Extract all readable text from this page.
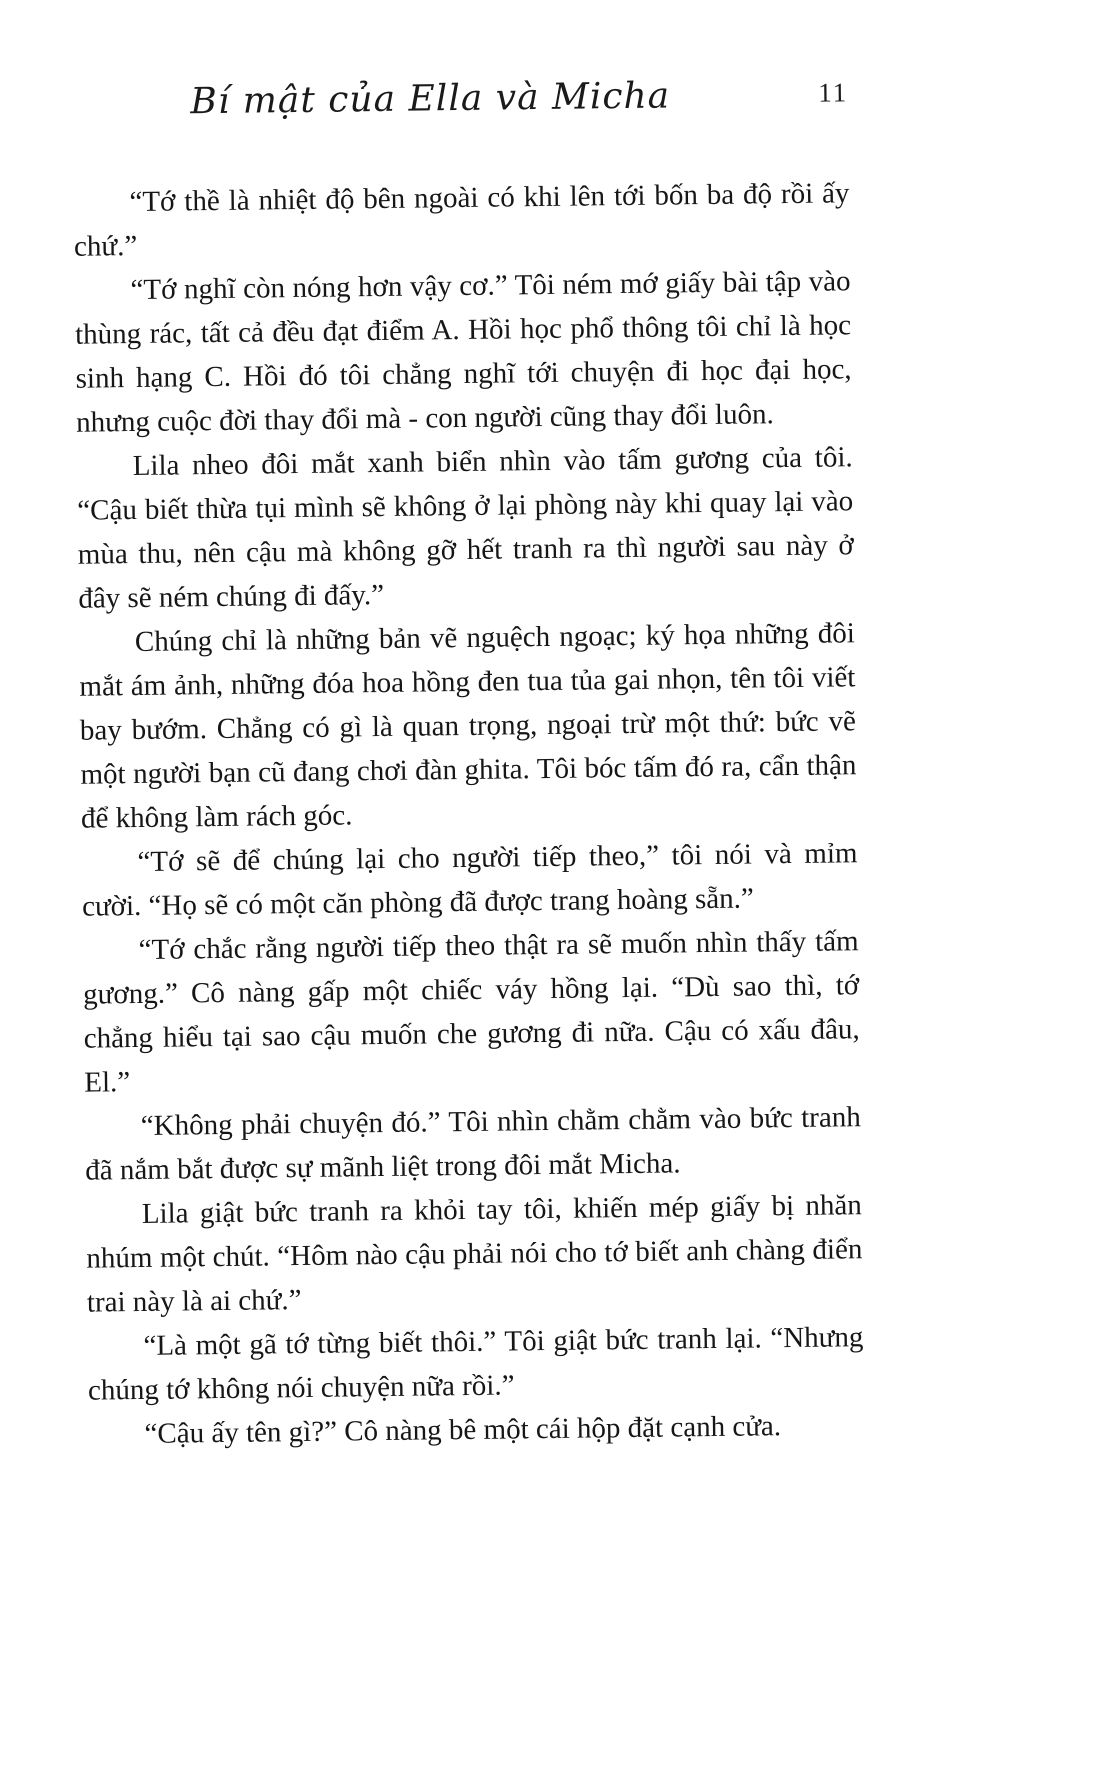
Bí mật của Ella và Micha	11

“Tớ thề là nhiệt độ bên ngoài có khi lên tới bốn ba độ rồi ấy chứ.”

“Tớ nghĩ còn nóng hơn vậy cơ.” Tôi ném mớ giấy bài tập vào thùng rác, tất cả đều đạt điểm A. Hồi học phổ thông tôi chỉ là học sinh hạng C. Hồi đó tôi chẳng nghĩ tới chuyện đi học đại học, nhưng cuộc đời thay đổi mà - con người cũng thay đổi luôn.

Lila nheo đôi mắt xanh biển nhìn vào tấm gương của tôi. “Cậu biết thừa tụi mình sẽ không ở lại phòng này khi quay lại vào mùa thu, nên cậu mà không gỡ hết tranh ra thì người sau này ở đây sẽ ném chúng đi đấy.”

Chúng chỉ là những bản vẽ nguệch ngoạc; ký họa những đôi mắt ám ảnh, những đóa hoa hồng đen tua tủa gai nhọn, tên tôi viết bay bướm. Chẳng có gì là quan trọng, ngoại trừ một thứ: bức vẽ một người bạn cũ đang chơi đàn ghita. Tôi bóc tấm đó ra, cẩn thận để không làm rách góc.

“Tớ sẽ để chúng lại cho người tiếp theo,” tôi nói và mỉm cười. “Họ sẽ có một căn phòng đã được trang hoàng sẵn.”

“Tớ chắc rằng người tiếp theo thật ra sẽ muốn nhìn thấy tấm gương.” Cô nàng gấp một chiếc váy hồng lại. “Dù sao thì, tớ chẳng hiểu tại sao cậu muốn che gương đi nữa. Cậu có xấu đâu, El.”

“Không phải chuyện đó.” Tôi nhìn chằm chằm vào bức tranh đã nắm bắt được sự mãnh liệt trong đôi mắt Micha.

Lila giật bức tranh ra khỏi tay tôi, khiến mép giấy bị nhăn nhúm một chút. “Hôm nào cậu phải nói cho tớ biết anh chàng điển trai này là ai chứ.”

“Là một gã tớ từng biết thôi.” Tôi giật bức tranh lại. “Nhưng chúng tớ không nói chuyện nữa rồi.”

“Cậu ấy tên gì?” Cô nàng bê một cái hộp đặt cạnh cửa.
